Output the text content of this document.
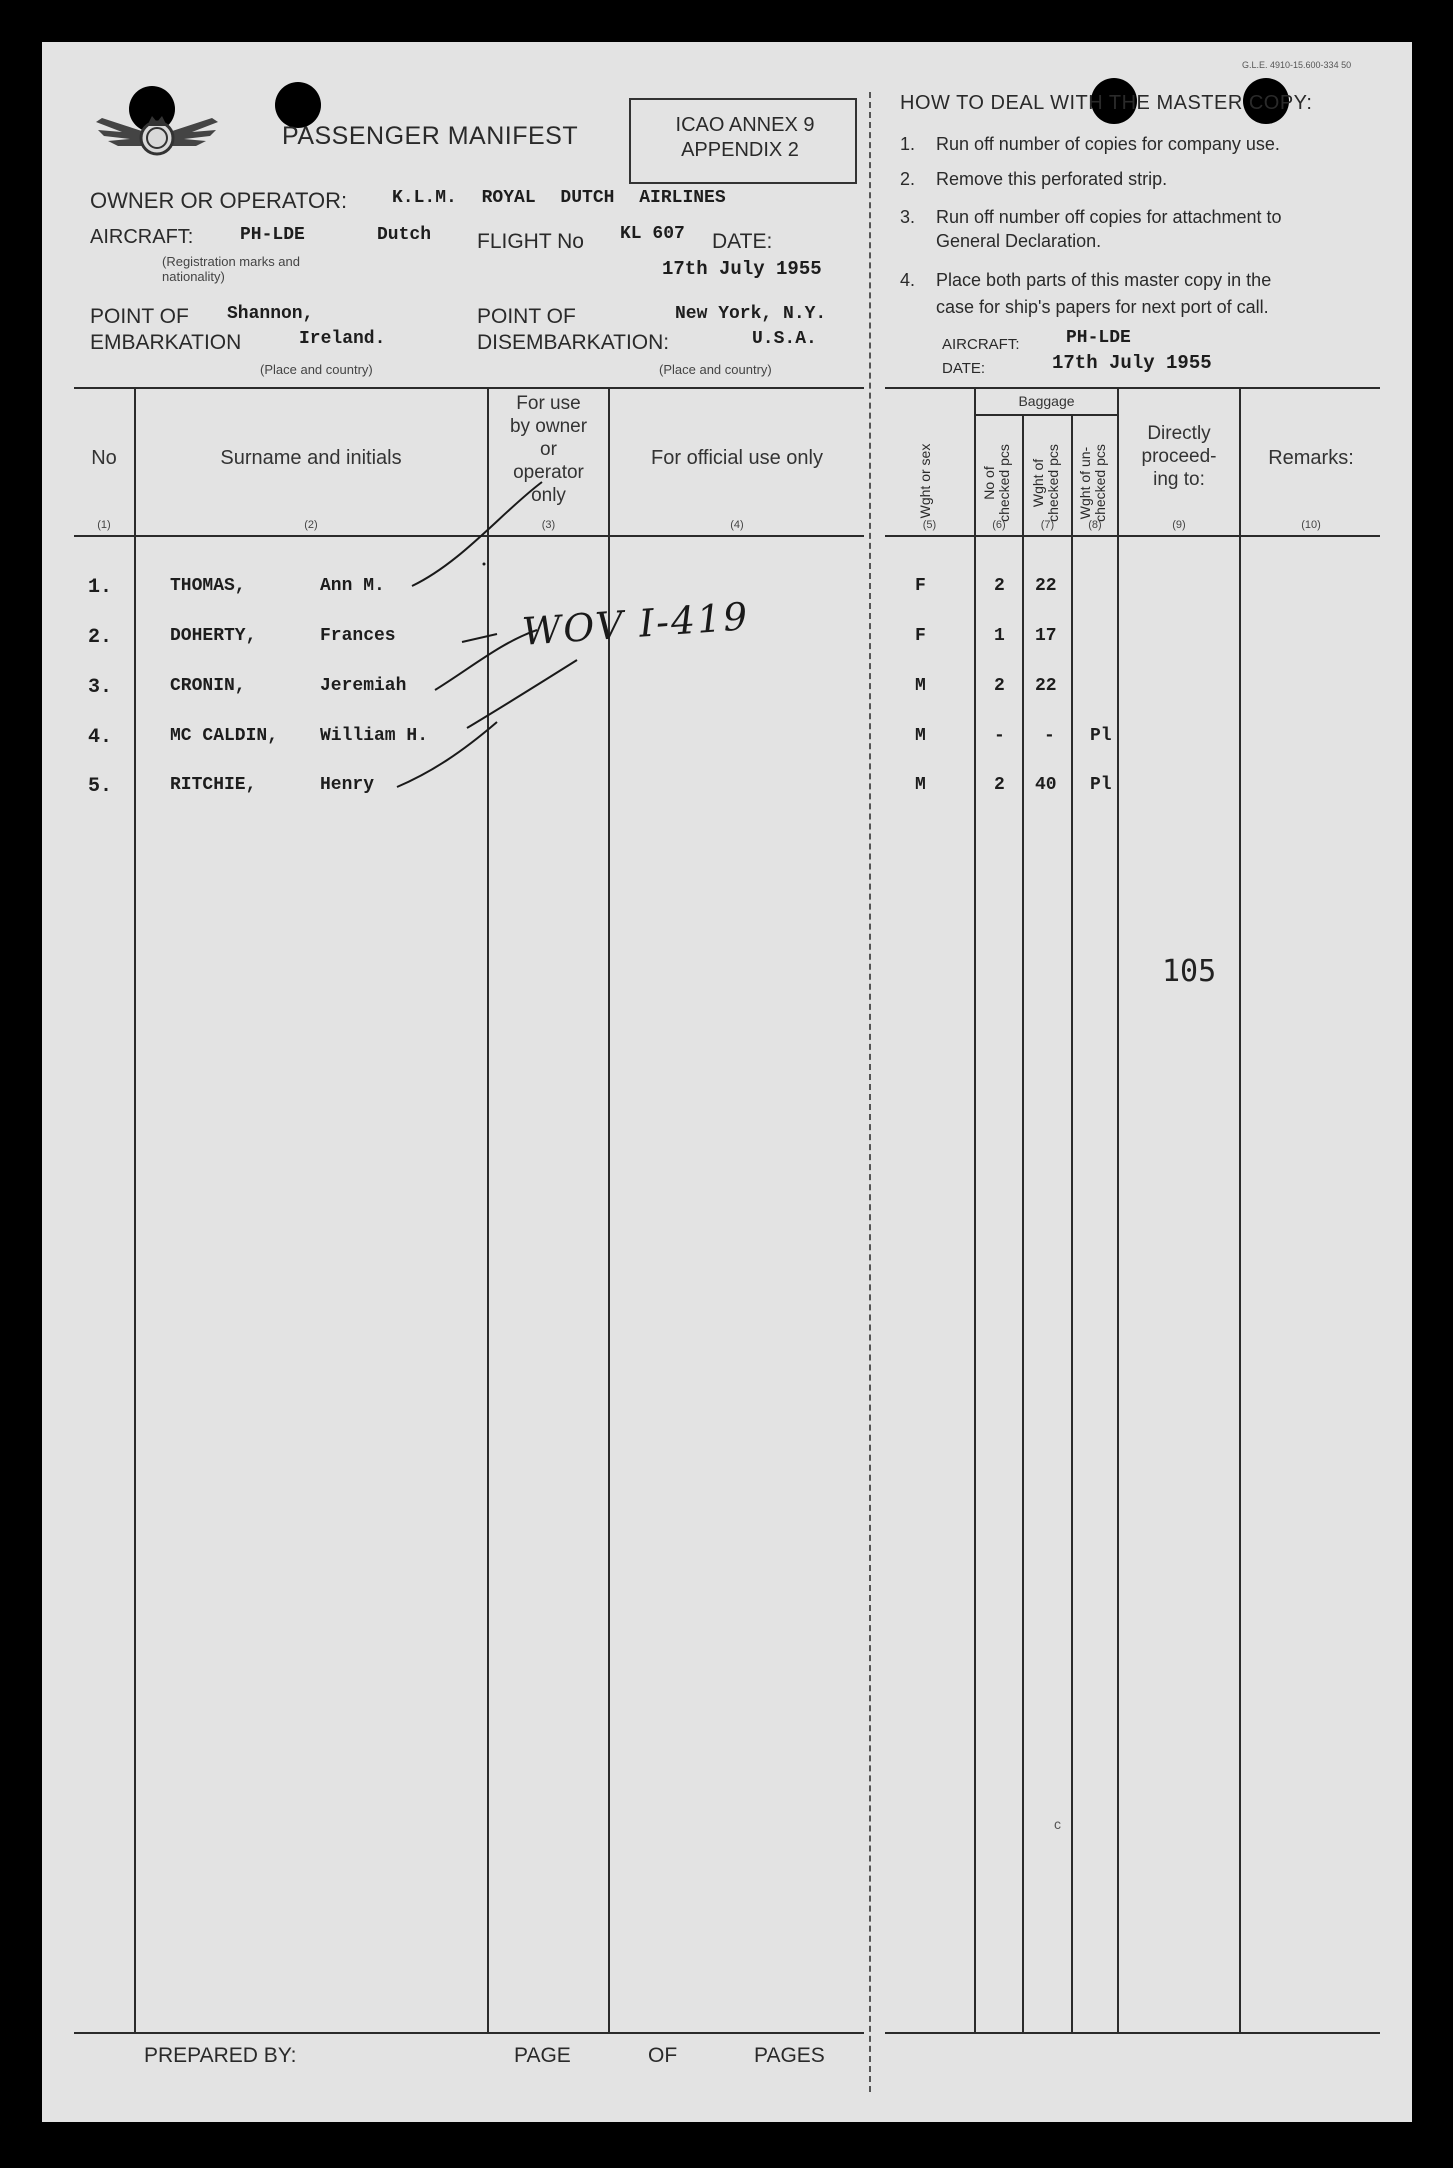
G.L.E. 4910-15.600-334 50
PASSENGER MANIFEST	ICAO ANNEX 9
APPENDIX 2
OWNER OR OPERATOR: K.L.M. ROYAL DUTCH AIRLINES
AIRCRAFT:	PH-LDE	Dutch
(Registration marks and nationality)
FLIGHT No KL 607 DATE:
17th July 1955
POINT OF
EMBARKATION
Shannon,
Ireland.
(Place and country)
POINT OF
DISEMBARKATION:
New York, N.Y.
U.S.A.
(Place and country)
HOW TO DEAL WITH THE MASTER COPY:
1. Run off number of copies for company use.
2. Remove this perforated strip.
3. Run off number off copies for attachment to
General Declaration.
4. Place both parts of this master copy in the
case for ship's papers for next port of call.
AIRCRAFT:	PH-LDE
DATE:	17th July 1955
No	Surname and initials
For use
by owner
or
operator
only
For official use only	Wght or sex
Baggage
No of checked pcs Wght of checked pcs Wght of un- checked pcs
Directly
proceed-
ing to:
Remarks:
(1)	(2)	(3)	(4)	(5)	(6)	(7)	(8)	(9)	(10)
1.	THOMAS,	Ann M.	F	2 22
2.	DOHERTY,	Frances	F	1 17
3.	CRONIN,	Jeremiah	M	2 22
4.	MC CALDIN, William H.	M	- - Pl
5.	RITCHIE,	Henry	M	2 40 Pl
WOV I-419
105
c
PREPARED BY:	PAGE	OF	PAGES
